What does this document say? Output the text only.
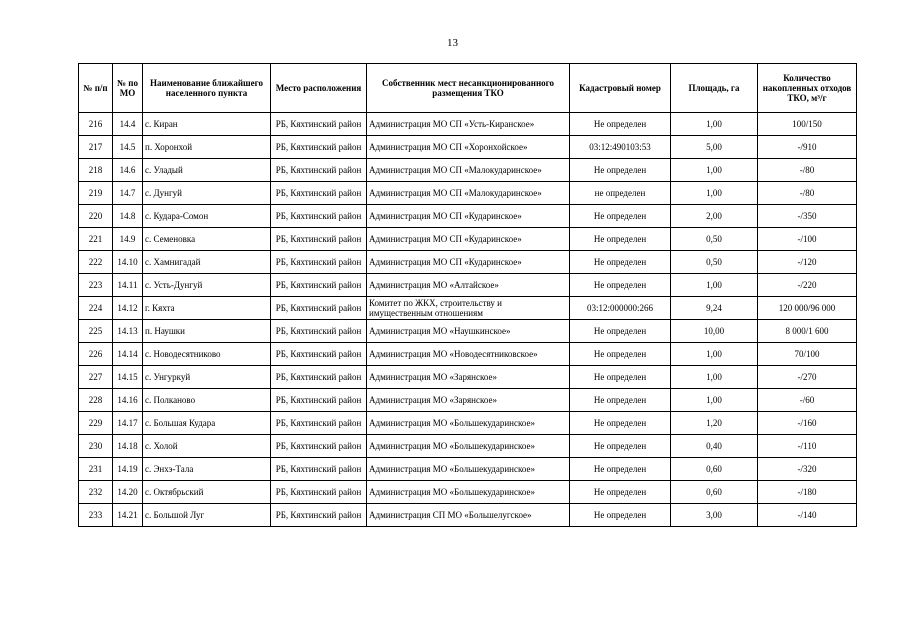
13
№ п/п	№ по МО	Наименование ближайшего населенного пункта	Место расположения	Собственник мест несанкционированного размещения ТКО	Кадастровый номер	Площадь, га	Количество накопленных отходов ТКО, м³/г
216	14.4	с. Киран	РБ, Кяхтинский район	Администрация МО СП «Усть-Киранское»	Не определен	1,00	100/150
217	14.5	п. Хоронхой	РБ, Кяхтинский район	Администрация МО СП «Хоронхойское»	03:12:490103:53	5,00	-/910
218	14.6	с. Уладый	РБ, Кяхтинский район	Администрация МО СП «Малокударинское»	Не определен	1,00	-/80
219	14.7	с. Дунгуй	РБ, Кяхтинский район	Администрация МО СП «Малокударинское»	не определен	1,00	-/80
220	14.8	с. Кудара-Сомон	РБ, Кяхтинский район	Администрация МО СП «Кударинское»	Не определен	2,00	-/350
221	14.9	с. Семеновка	РБ, Кяхтинский район	Администрация МО СП «Кударинское»	Не определен	0,50	-/100
222	14.10	с. Хамнигадай	РБ, Кяхтинский район	Администрация МО СП «Кударинское»	Не определен	0,50	-/120
223	14.11	с. Усть-Дунгуй	РБ, Кяхтинский район	Администрация МО «Алтайское»	Не определен	1,00	-/220
224	14.12	г. Кяхта	РБ, Кяхтинский район	Комитет по ЖКХ, строительству и имущественным отношениям	03:12:000000:266	9,24	120 000/96 000
225	14.13	п. Наушки	РБ, Кяхтинский район	Администрация МО «Наушкинское»	Не определен	10,00	8 000/1 600
226	14.14	с. Новодесятниково	РБ, Кяхтинский район	Администрация МО «Новодесятниковское»	Не определен	1,00	70/100
227	14.15	с. Унгуркуй	РБ, Кяхтинский район	Администрация МО «Зарянское»	Не определен	1,00	-/270
228	14.16	с. Полканово	РБ, Кяхтинский район	Администрация МО «Зарянское»	Не определен	1,00	-/60
229	14.17	с. Большая Кудара	РБ, Кяхтинский район	Администрация МО «Большекударинское»	Не определен	1,20	-/160
230	14.18	с. Холой	РБ, Кяхтинский район	Администрация МО «Большекударинское»	Не определен	0,40	-/110
231	14.19	с. Энхэ-Тала	РБ, Кяхтинский район	Администрация МО «Большекударинское»	Не определен	0,60	-/320
232	14.20	с. Октябрьский	РБ, Кяхтинский район	Администрация МО «Большекударинское»	Не определен	0,60	-/180
233	14.21	с. Большой Луг	РБ, Кяхтинский район	Администрация СП МО «Большелугское»	Не определен	3,00	-/140
